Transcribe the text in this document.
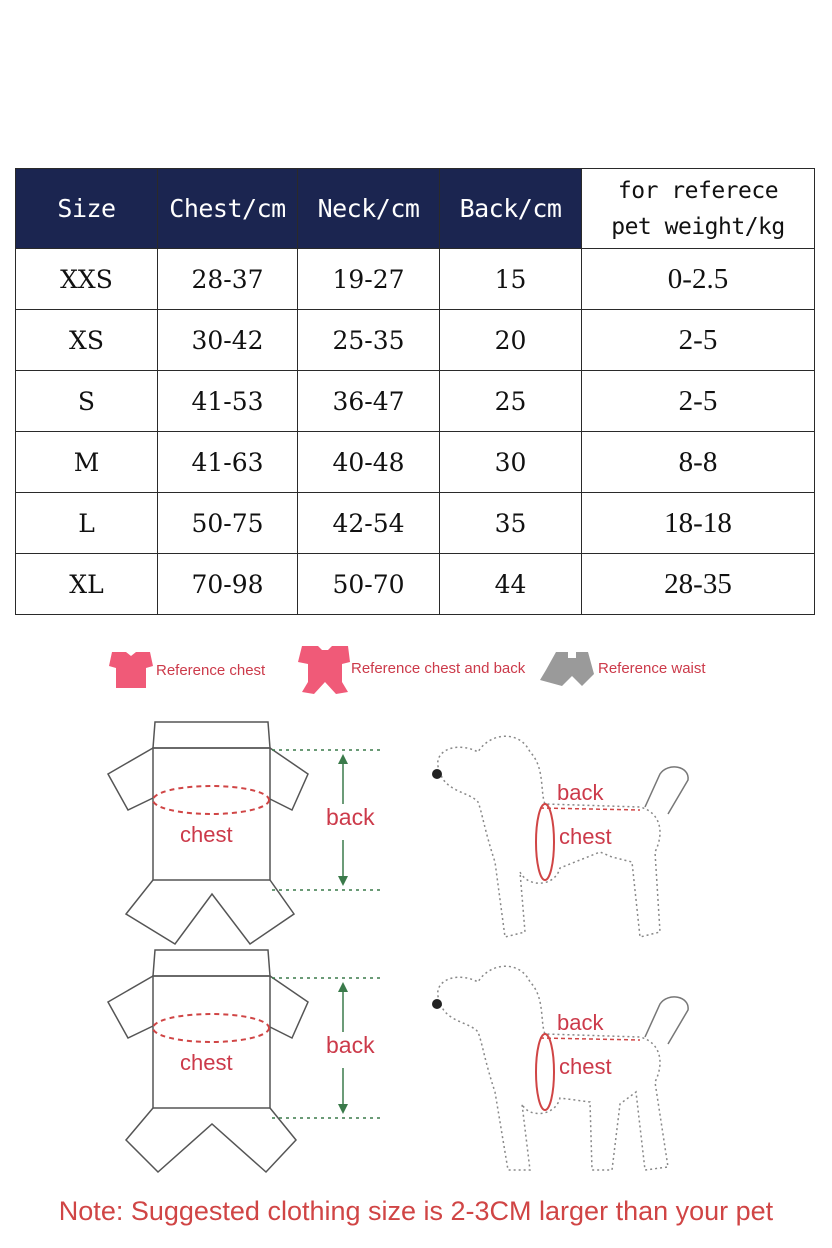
Size	Chest/cm	Neck/cm	Back/cm	for referece
pet weight/kg
XXS	28-37	19-27	15	0-2.5
XS	30-42	25-35	20	2-5
S	41-53	36-47	25	2-5
M	41-63	40-48	30	8-8
L	50-75	42-54	35	18-18
XL	70-98	50-70	44	28-35
Reference chest	Reference chest and back	Reference waist
chest
back
back
chest
chest
back
back
chest
Note: Suggested clothing size is 2-3CM larger than your pet
